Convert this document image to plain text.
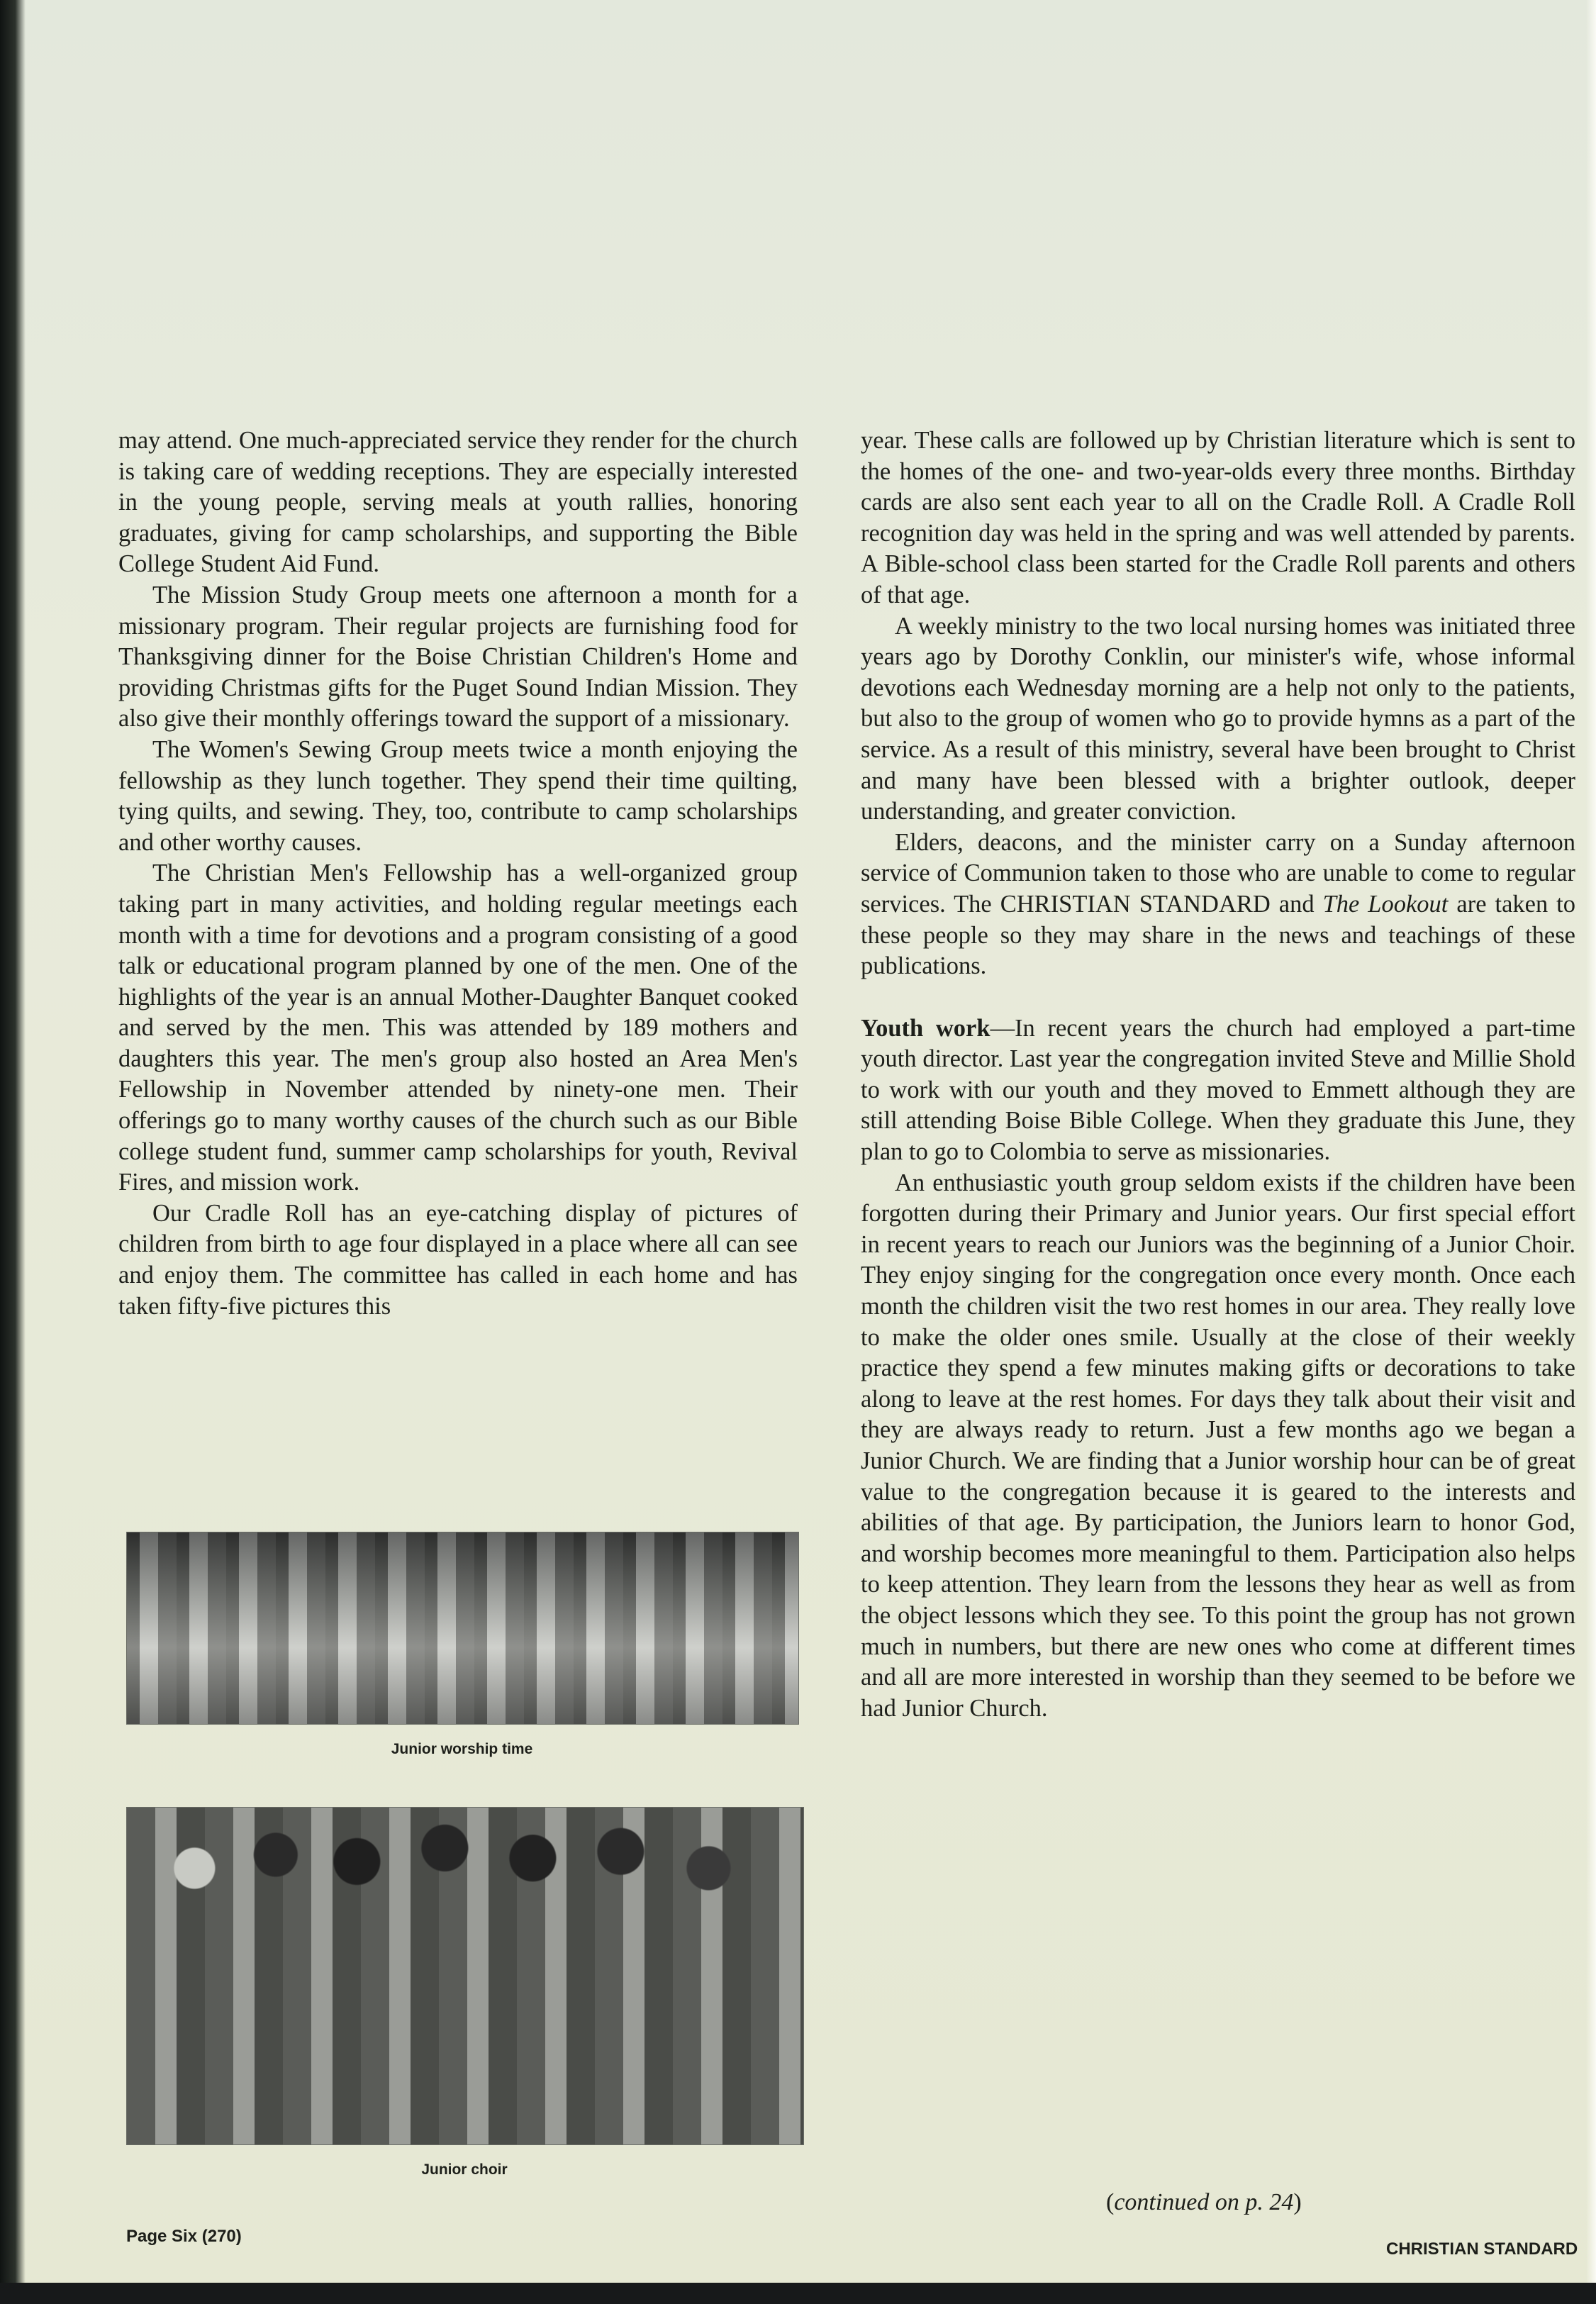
may attend. One much-appreciated service they render for the church is taking care of wedding receptions. They are especially interested in the young people, serving meals at youth rallies, honoring graduates, giving for camp scholarships, and supporting the Bible College Student Aid Fund.

The Mission Study Group meets one afternoon a month for a missionary program. Their regular projects are furnishing food for Thanksgiving dinner for the Boise Christian Children's Home and providing Christmas gifts for the Puget Sound Indian Mission. They also give their monthly offerings toward the support of a missionary.

The Women's Sewing Group meets twice a month enjoying the fellowship as they lunch together. They spend their time quilting, tying quilts, and sewing. They, too, contribute to camp scholarships and other worthy causes.

The Christian Men's Fellowship has a well-organized group taking part in many activities, and holding regular meetings each month with a time for devotions and a program consisting of a good talk or educational program planned by one of the men. One of the highlights of the year is an annual Mother-Daughter Banquet cooked and served by the men. This was attended by 189 mothers and daughters this year. The men's group also hosted an Area Men's Fellowship in November attended by ninety-one men. Their offerings go to many worthy causes of the church such as our Bible college student fund, summer camp scholarships for youth, Revival Fires, and mission work.

Our Cradle Roll has an eye-catching display of pictures of children from birth to age four displayed in a place where all can see and enjoy them. The committee has called in each home and has taken fifty-five pictures this

Junior worship time
Junior choir

year. These calls are followed up by Christian literature which is sent to the homes of the one- and two-year-olds every three months. Birthday cards are also sent each year to all on the Cradle Roll. A Cradle Roll recognition day was held in the spring and was well attended by parents. A Bible-school class been started for the Cradle Roll parents and others of that age.

A weekly ministry to the two local nursing homes was initiated three years ago by Dorothy Conklin, our minister's wife, whose informal devotions each Wednesday morning are a help not only to the patients, but also to the group of women who go to provide hymns as a part of the service. As a result of this ministry, several have been brought to Christ and many have been blessed with a brighter outlook, deeper understanding, and greater conviction.

Elders, deacons, and the minister carry on a Sunday afternoon service of Communion taken to those who are unable to come to regular services. The CHRISTIAN STANDARD and The Lookout are taken to these people so they may share in the news and teachings of these publications.

Youth work—In recent years the church had employed a part-time youth director. Last year the congregation invited Steve and Millie Shold to work with our youth and they moved to Emmett although they are still attending Boise Bible College. When they graduate this June, they plan to go to Colombia to serve as missionaries.

An enthusiastic youth group seldom exists if the children have been forgotten during their Primary and Junior years. Our first special effort in recent years to reach our Juniors was the beginning of a Junior Choir. They enjoy singing for the congregation once every month. Once each month the children visit the two rest homes in our area. They really love to make the older ones smile. Usually at the close of their weekly practice they spend a few minutes making gifts or decorations to take along to leave at the rest homes. For days they talk about their visit and they are always ready to return. Just a few months ago we began a Junior Church. We are finding that a Junior worship hour can be of great value to the congregation because it is geared to the interests and abilities of that age. By participation, the Juniors learn to honor God, and worship becomes more meaningful to them. Participation also helps to keep attention. They learn from the lessons they hear as well as from the object lessons which they see. To this point the group has not grown much in numbers, but there are new ones who come at different times and all are more interested in worship than they seemed to be before we had Junior Church.

(continued on p. 24)
Page Six (270)
CHRISTIAN STANDARD
